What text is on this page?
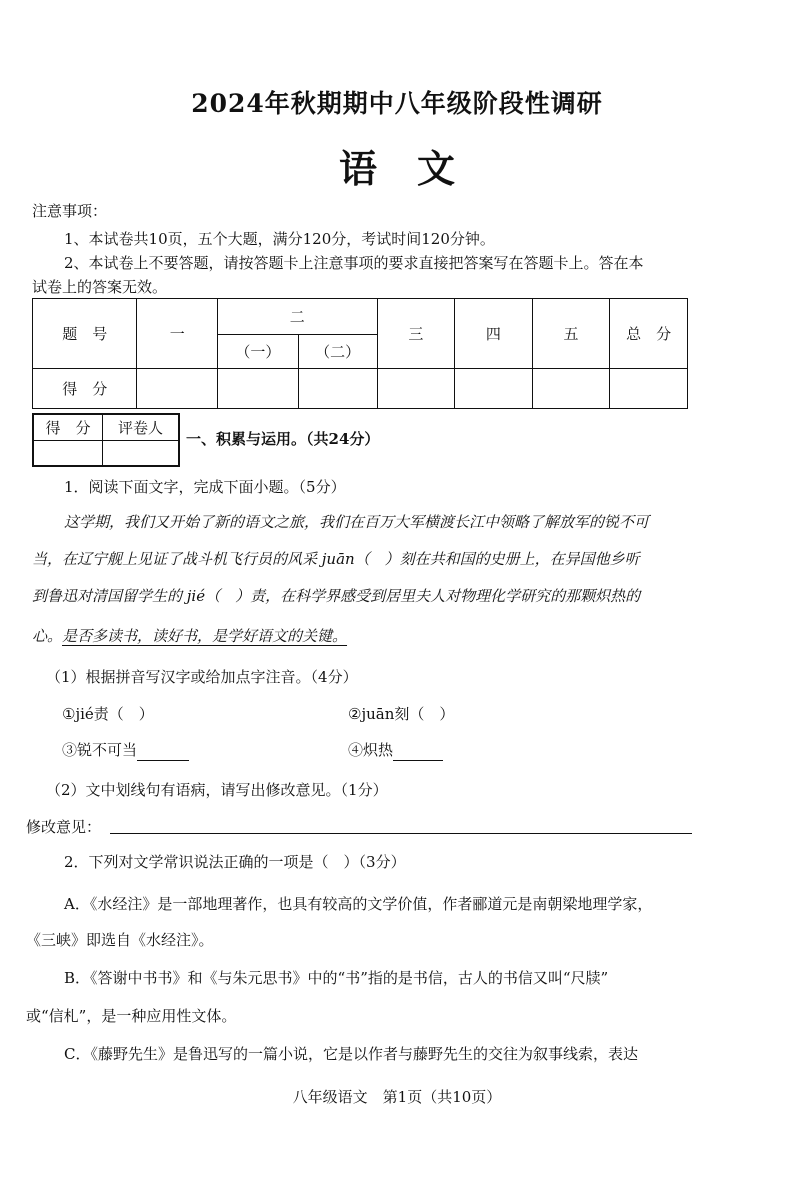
2024年秋期期中八年级阶段性调研
语文
注意事项：
1、本试卷共10页，五个大题，满分120分，考试时间120分钟。
2、本试卷上不要答题，请按答题卡上注意事项的要求直接把答案写在答题卡上。答在本
试卷上的答案无效。
题　号	一	二		三	四	五	总　分
		（一）	（二）				
得　分							
得　分	评卷人

一、积累与运用。（共24分）
1．阅读下面文字，完成下面小题。（5分）
这学期，我们又开始了新的语文之旅，我们在百万大军横渡长江中领略了解放军的锐不可
当，在辽宁舰上见证了战斗机飞行员的风采 juān（　）刻在共和国的史册上，在异国他乡听
到鲁迅对清国留学生的 jié（　）责，在科学界感受到居里夫人对物理化学研究的那颗炽热的
心。是否多读书，读好书，是学好语文的关键。
（1）根据拼音写汉字或给加点字注音。（4分）
①jié责（　）	②juān刻（　）
③锐不可当	④炽热
（2）文中划线句有语病，请写出修改意见。（1分）
修改意见：
2．下列对文学常识说法正确的一项是（　）（3分）
A．《水经注》是一部地理著作，也具有较高的文学价值，作者郦道元是南朝梁地理学家，
《三峡》即选自《水经注》。
B．《答谢中书书》和《与朱元思书》中的“书”指的是书信，古人的书信又叫“尺牍”
或“信札”，是一种应用性文体。
C．《藤野先生》是鲁迅写的一篇小说，它是以作者与藤野先生的交往为叙事线索，表达
八年级语文　第1页（共10页）
